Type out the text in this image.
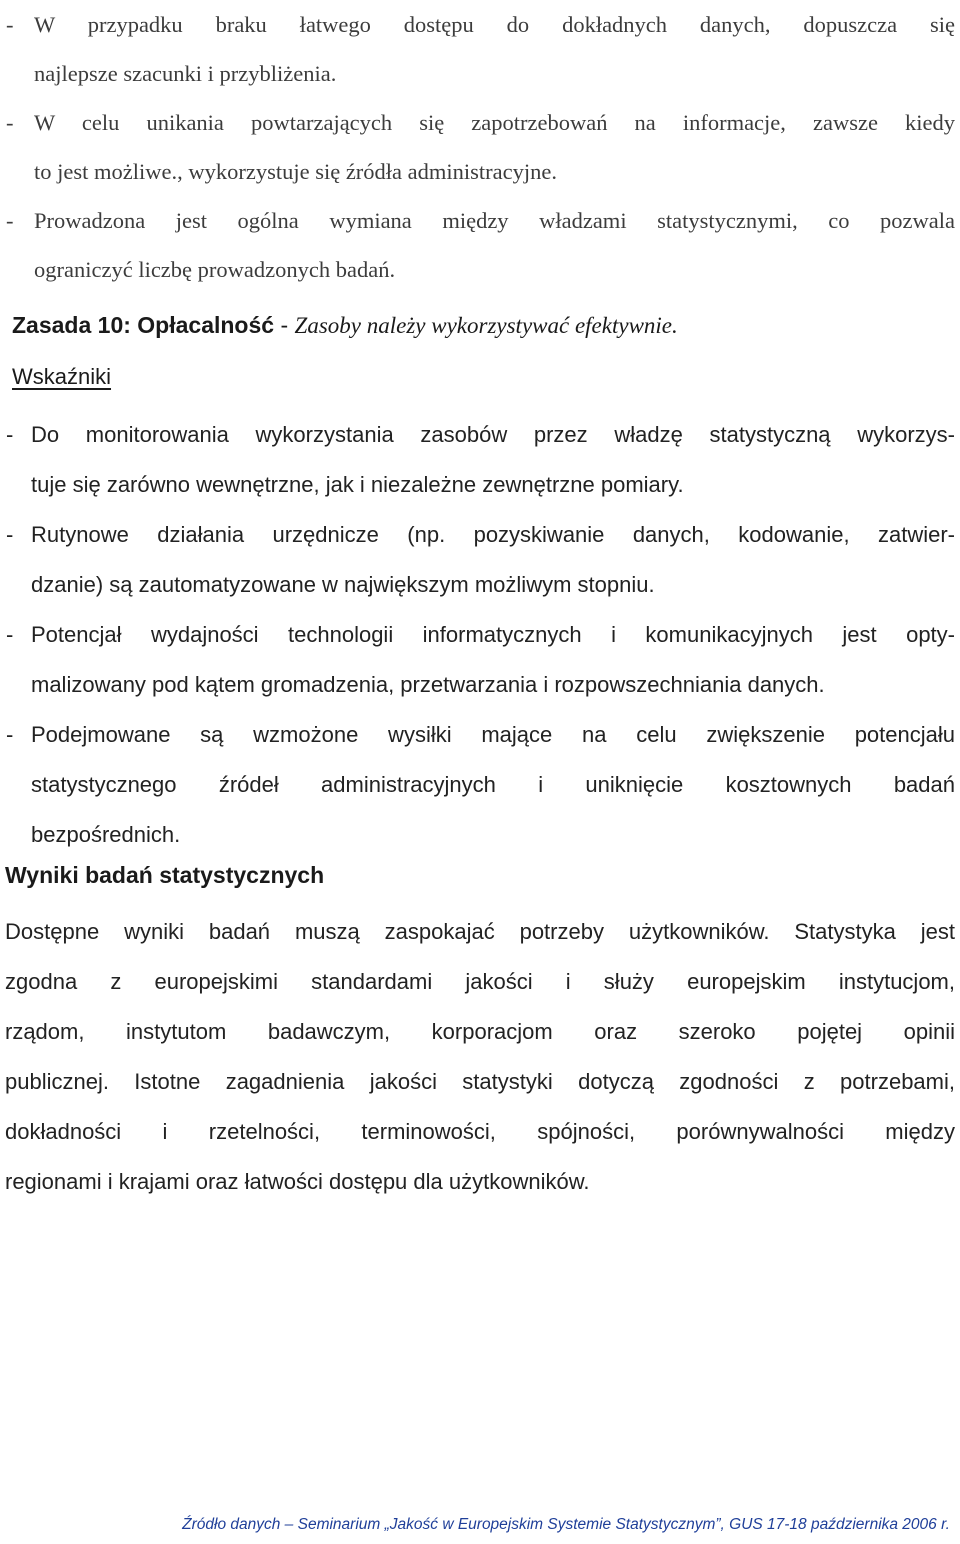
- W przypadku braku łatwego dostępu do dokładnych danych, dopuszcza się
najlepsze szacunki i przybliżenia.
- W celu unikania powtarzających się zapotrzebowań na informacje, zawsze kiedy
to jest możliwe., wykorzystuje się źródła administracyjne.
- Prowadzona jest ogólna wymiana między władzami statystycznymi, co pozwala
ograniczyć liczbę prowadzonych badań.
Zasada 10: Opłacalność - Zasoby należy wykorzystywać efektywnie.
Wskaźniki
- Do monitorowania wykorzystania zasobów przez władzę statystyczną wykorzys-
tuje się zarówno wewnętrzne, jak i niezależne zewnętrzne pomiary.
- Rutynowe działania urzędnicze (np. pozyskiwanie danych, kodowanie, zatwier-
dzanie) są zautomatyzowane w największym możliwym stopniu.
- Potencjał wydajności technologii informatycznych i komunikacyjnych jest opty-
malizowany pod kątem gromadzenia, przetwarzania i rozpowszechniania danych.
- Podejmowane są wzmożone wysiłki mające na celu zwiększenie potencjału
statystycznego źródeł administracyjnych i uniknięcie kosztownych badań
bezpośrednich.
Wyniki badań statystycznych
Dostępne wyniki badań muszą zaspokajać potrzeby użytkowników. Statystyka jest
zgodna z europejskimi standardami jakości i służy europejskim instytucjom,
rządom, instytutom badawczym, korporacjom oraz szeroko pojętej opinii
publicznej. Istotne zagadnienia jakości statystyki dotyczą zgodności z potrzebami,
dokładności i rzetelności, terminowości, spójności, porównywalności między
regionami i krajami oraz łatwości dostępu dla użytkowników.
Źródło danych – Seminarium „Jakość w Europejskim Systemie Statystycznym”, GUS 17-18 października 2006 r.
